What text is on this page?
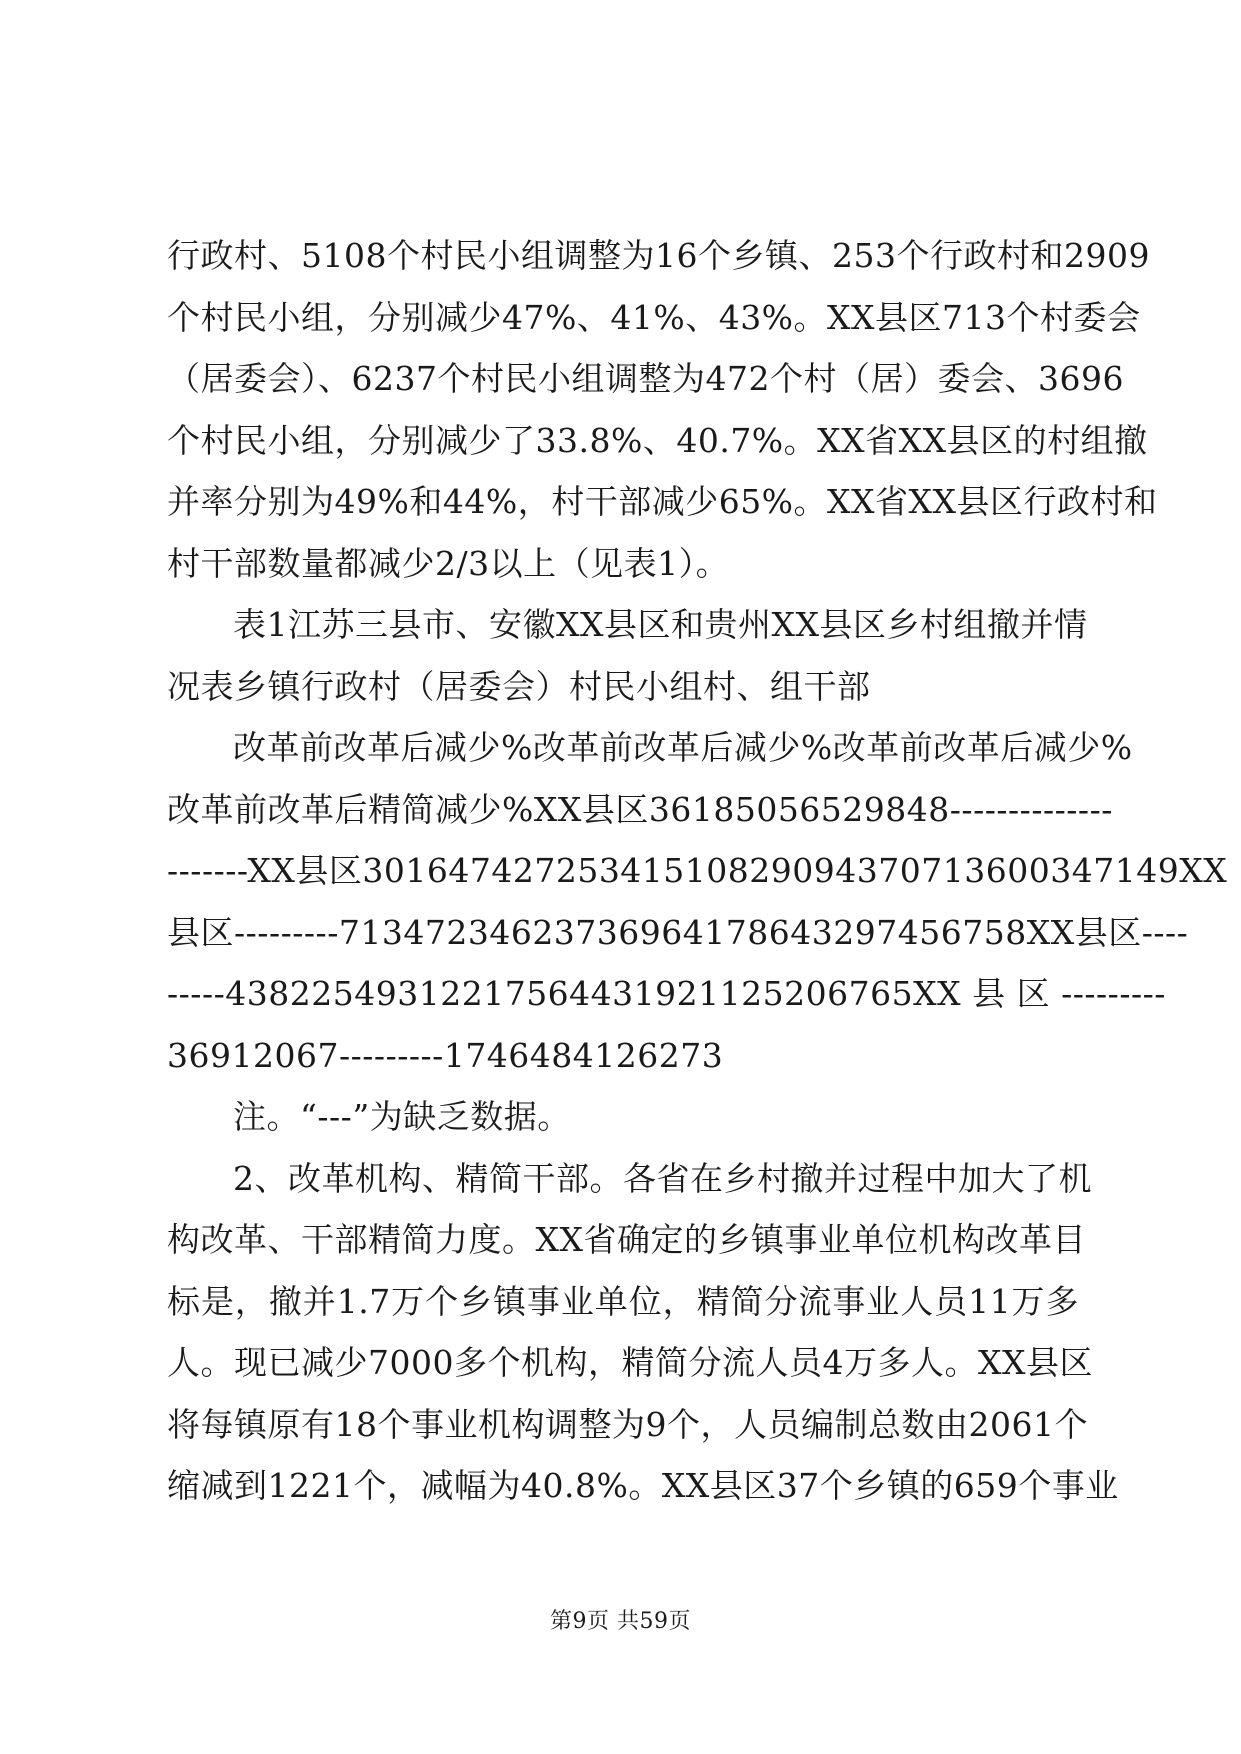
行政村、5108个村民小组调整为16个乡镇、253个行政村和2909
个村民小组，分别减少47%、41%、43%。XX县区713个村委会
（居委会）、6237个村民小组调整为472个村（居）委会、3696
个村民小组，分别减少了33.8%、40.7%。XX省XX县区的村组撤
并率分别为49%和44%，村干部减少65%。XX省XX县区行政村和
村干部数量都减少2/3以上（见表1）。
表1江苏三县市、安徽XX县区和贵州XX县区乡村组撤并情
况表乡镇行政村（居委会）村民小组村、组干部
改革前改革后减少%改革前改革后减少%改革前改革后减少%
改革前改革后精简减少%XX县区36185056529848--------------
-------XX县区301647427253415108290943707136003471​49XX
县区---------713472346237369641786432974567​58XX县区----
-----43822549312217564431921125206765XX 县 区 ---------
36912067---------1746484126273
注。“---”为缺乏数据。
2、改革机构、精简干部。各省在乡村撤并过程中加大了机
构改革、干部精简力度。XX省确定的乡镇事业单位机构改革目
标是，撤并1.7万个乡镇事业单位，精简分流事业人员11万多
人。现已减少7000多个机构，精简分流人员4万多人。XX县区
将每镇原有18个事业机构调整为9个，人员编制总数由2061个
缩减到1221个，减幅为40.8%。XX县区37个乡镇的659个事业
第9页 共59页
